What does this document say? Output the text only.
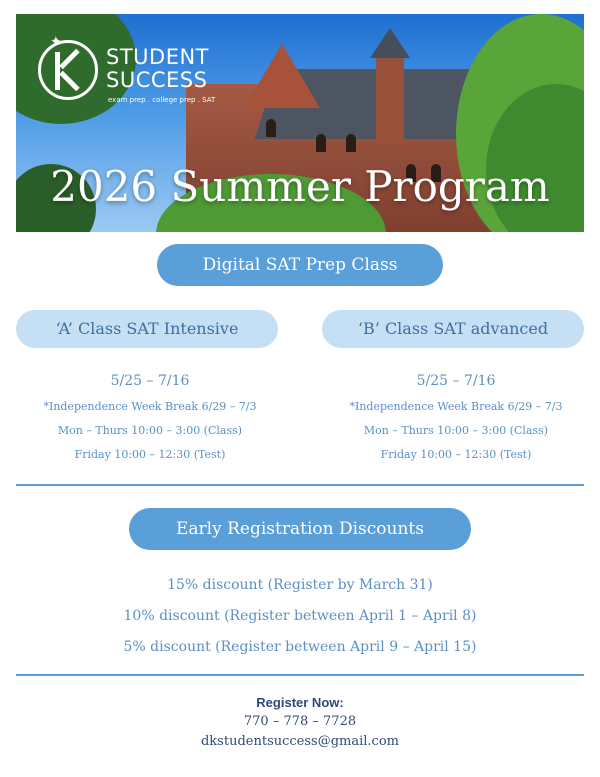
✦
STUDENT
SUCCESS
exam prep . college prep . SAT
2026 Summer Program
Digital SAT Prep Class
‘A’ Class SAT Intensive	‘B’ Class SAT advanced
5/25 – 7/16
*Independence Week Break 6/29 – 7/3
Mon – Thurs 10:00 – 3:00 (Class)
Friday 10:00 – 12:30 (Test)
5/25 – 7/16
*Independence Week Break 6/29 – 7/3
Mon – Thurs 10:00 – 3:00 (Class)
Friday 10:00 – 12:30 (Test)
Early Registration Discounts
15% discount (Register by March 31)
10% discount (Register between April 1 – April 8)
5% discount (Register between April 9 – April 15)
Register Now:
770 – 778 – 7728
dkstudentsuccess@gmail.com
